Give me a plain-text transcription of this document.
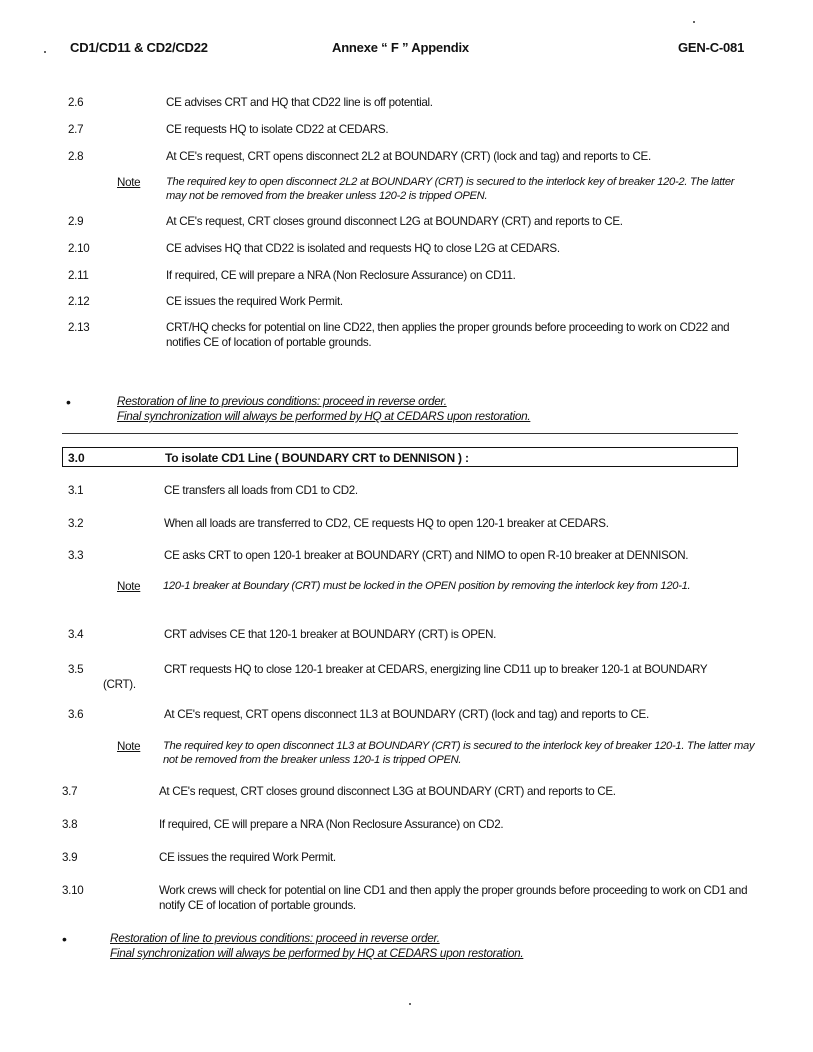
CD1/CD11 & CD2/CD22	Annexe “ F ” Appendix	GEN-C-081
2.6	CE advises CRT and HQ that CD22 line is off potential.
2.7	CE requests HQ to isolate CD22 at CEDARS.
2.8	At CE's request, CRT opens disconnect 2L2 at BOUNDARY (CRT) (lock and tag) and reports to CE.
Note The required key to open disconnect 2L2 at BOUNDARY (CRT) is secured to the interlock key of breaker 120-2. The latter may not be removed from the breaker unless 120-2 is tripped OPEN.
2.9	At CE's request, CRT closes ground disconnect L2G at BOUNDARY (CRT) and reports to CE.
2.10	CE advises HQ that CD22 is isolated and requests HQ to close L2G at CEDARS.
2.11	If required, CE will prepare a NRA (Non Reclosure Assurance) on CD11.
2.12	CE issues the required Work Permit.
2.13	CRT/HQ checks for potential on line CD22, then applies the proper grounds before proceeding to work on CD22 and notifies CE of location of portable grounds.
•	Restoration of line to previous conditions: proceed in reverse order.
Final synchronization will always be performed by HQ at CEDARS upon restoration.
3.0	To isolate CD1 Line ( BOUNDARY CRT to DENNISON ) :
3.1	CE transfers all loads from CD1 to CD2.
3.2	When all loads are transferred to CD2, CE requests HQ to open 120-1 breaker at CEDARS.
3.3	CE asks CRT to open 120-1 breaker at BOUNDARY (CRT) and NIMO to open R-10 breaker at DENNISON.
Note 120-1 breaker at Boundary (CRT) must be locked in the OPEN position by removing the interlock key from 120-1.
3.4	CRT advises CE that 120-1 breaker at BOUNDARY (CRT) is OPEN.
3.5	CRT requests HQ to close 120-1 breaker at CEDARS, energizing line CD11 up to breaker 120-1 at BOUNDARY
(CRT).
3.6	At CE's request, CRT opens disconnect 1L3 at BOUNDARY (CRT) (lock and tag) and reports to CE.
Note The required key to open disconnect 1L3 at BOUNDARY (CRT) is secured to the interlock key of breaker 120-1. The latter may not be removed from the breaker unless 120-1 is tripped OPEN.
3.7	At CE's request, CRT closes ground disconnect L3G at BOUNDARY (CRT) and reports to CE.
3.8	If required, CE will prepare a NRA (Non Reclosure Assurance) on CD2.
3.9	CE issues the required Work Permit.
3.10	Work crews will check for potential on line CD1 and then apply the proper grounds before proceeding to work on CD1 and notify CE of location of portable grounds.
•	Restoration of line to previous conditions: proceed in reverse order.
Final synchronization will always be performed by HQ at CEDARS upon restoration.
